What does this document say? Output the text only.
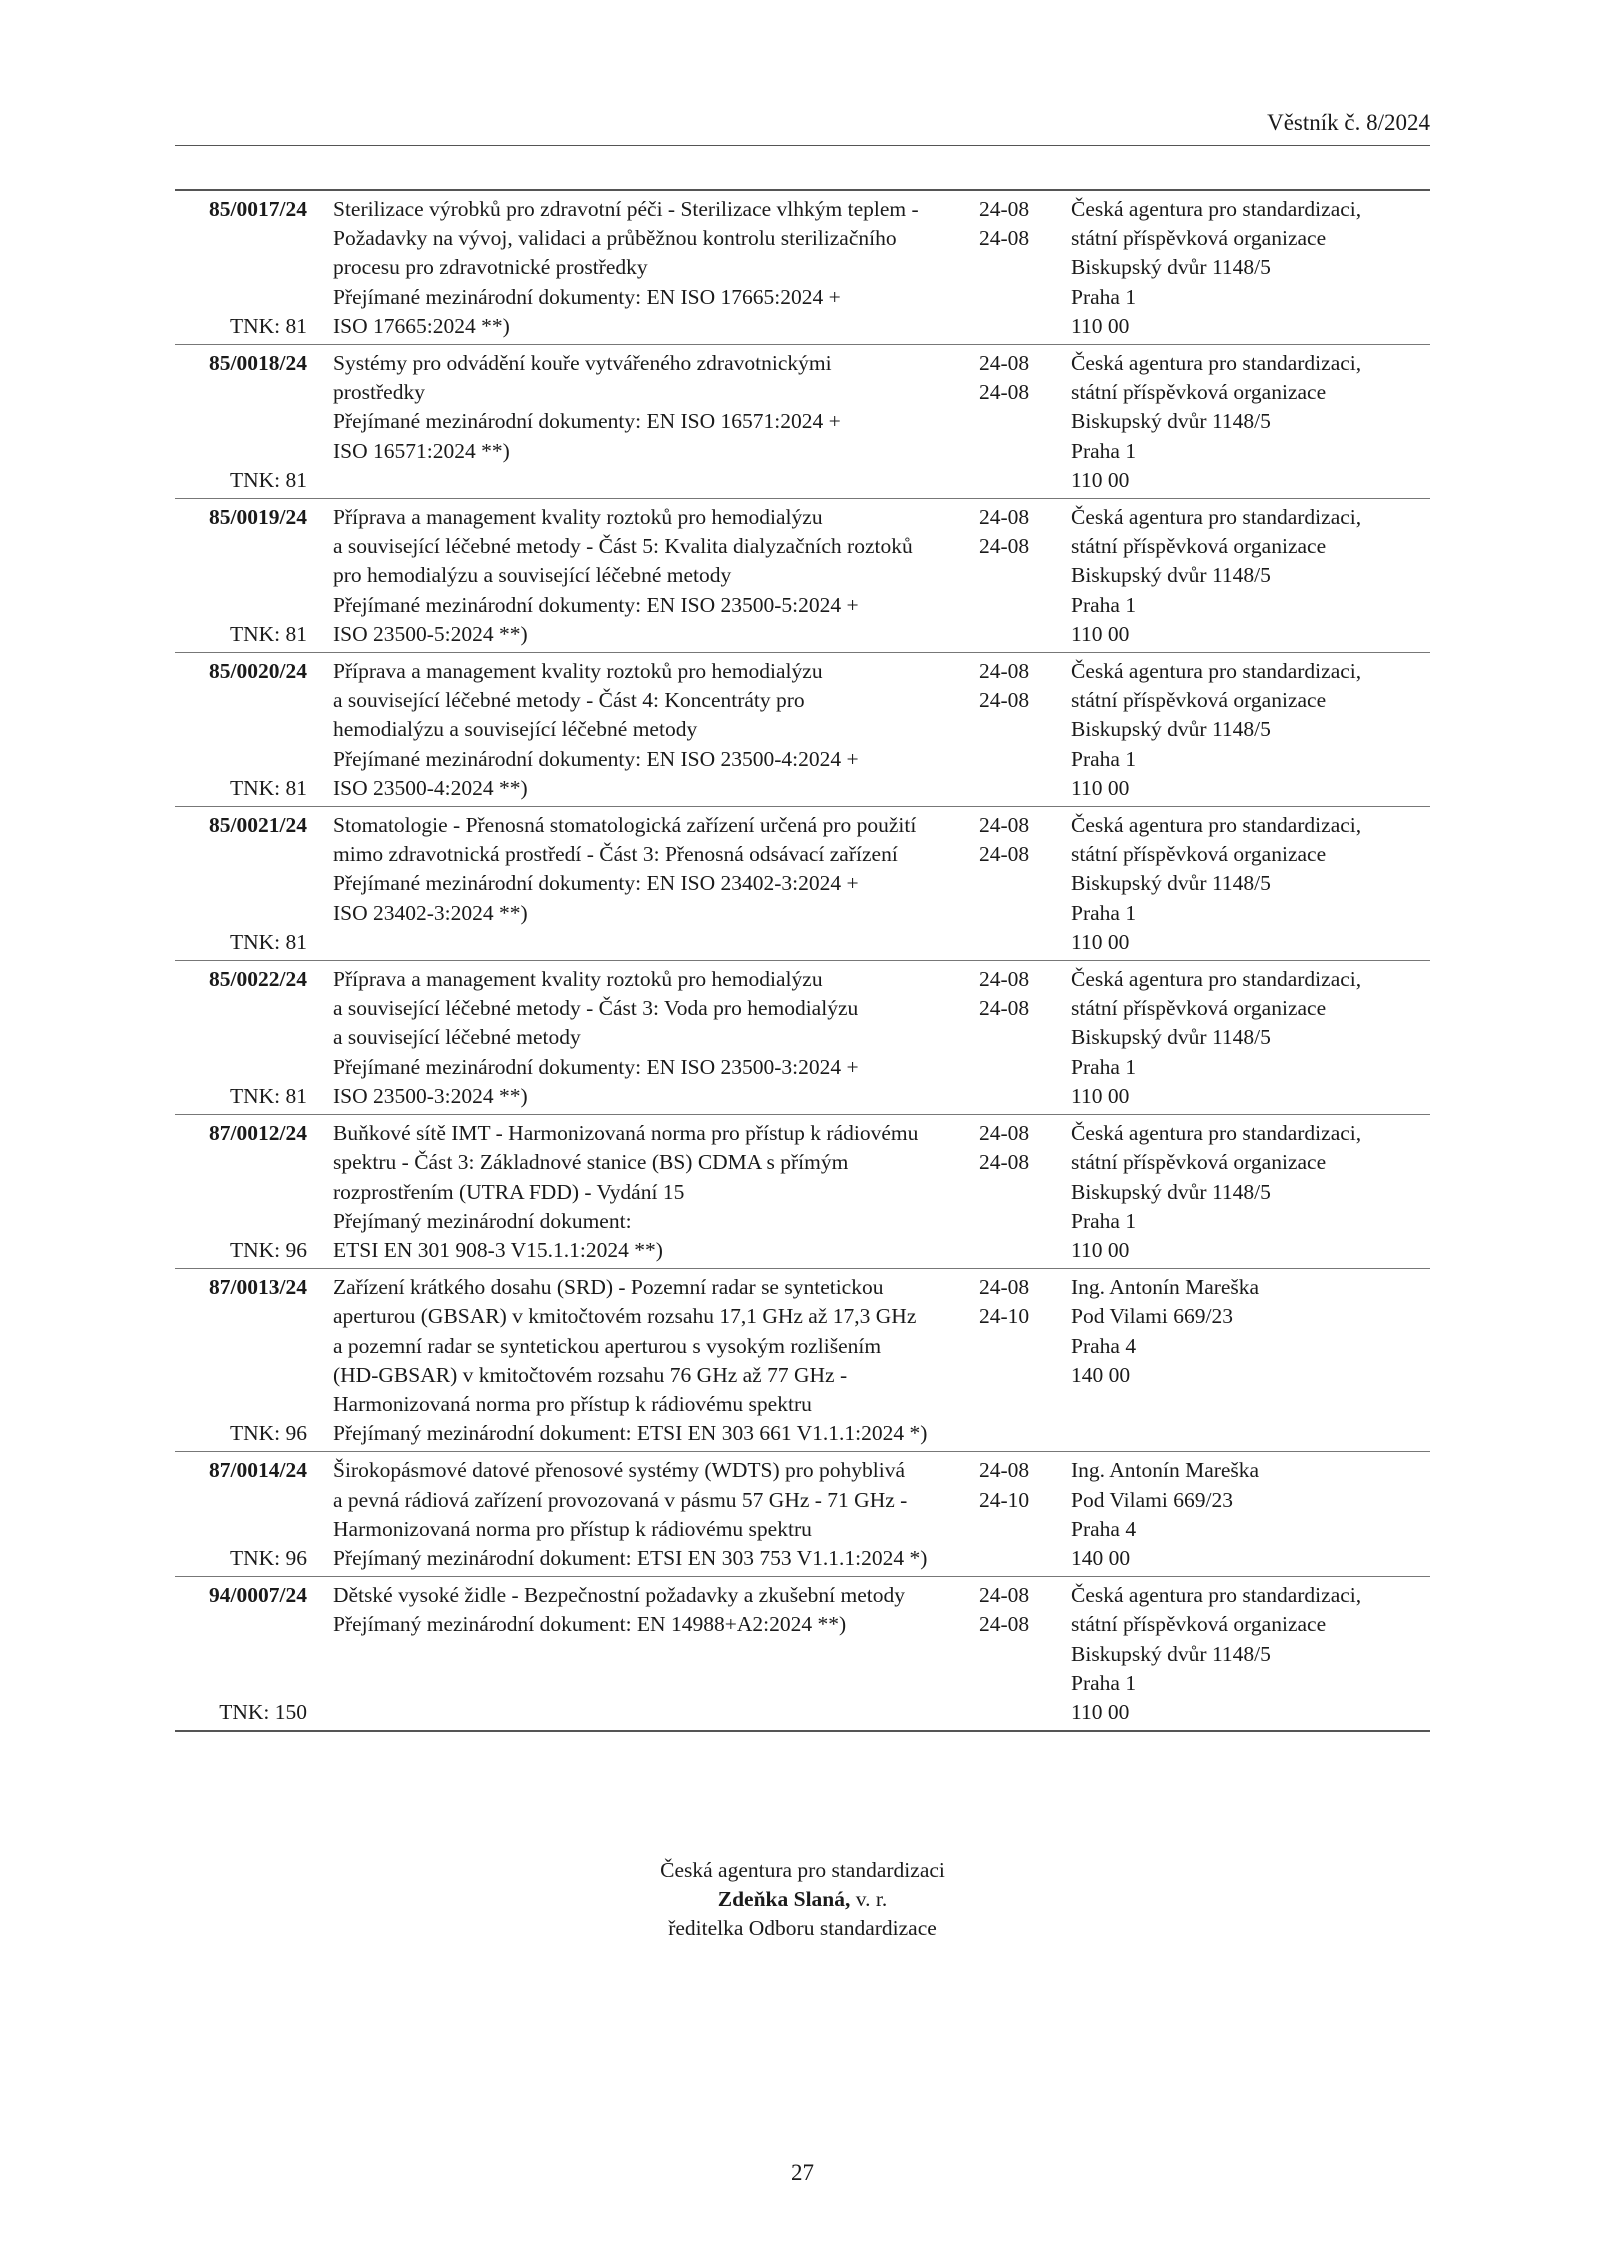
Věstník č. 8/2024
85/0017/24
TNK: 81
Sterilizace výrobků pro zdravotní péči - Sterilizace vlhkým teplem -
Požadavky na vývoj, validaci a průběžnou kontrolu sterilizačního
procesu pro zdravotnické prostředky
Přejímané mezinárodní dokumenty: EN ISO 17665:2024 +
ISO 17665:2024 **)
24-08
24-08
Česká agentura pro standardizaci,
státní příspěvková organizace
Biskupský dvůr 1148/5
Praha 1
110 00
85/0018/24
TNK: 81
Systémy pro odvádění kouře vytvářeného zdravotnickými
prostředky
Přejímané mezinárodní dokumenty: EN ISO 16571:2024 +
ISO 16571:2024 **)
24-08
24-08
Česká agentura pro standardizaci,
státní příspěvková organizace
Biskupský dvůr 1148/5
Praha 1
110 00
85/0019/24
TNK: 81
Příprava a management kvality roztoků pro hemodialýzu
a související léčebné metody - Část 5: Kvalita dialyzačních roztoků
pro hemodialýzu a související léčebné metody
Přejímané mezinárodní dokumenty: EN ISO 23500-5:2024 +
ISO 23500-5:2024 **)
24-08
24-08
Česká agentura pro standardizaci,
státní příspěvková organizace
Biskupský dvůr 1148/5
Praha 1
110 00
85/0020/24
TNK: 81
Příprava a management kvality roztoků pro hemodialýzu
a související léčebné metody - Část 4: Koncentráty pro
hemodialýzu a související léčebné metody
Přejímané mezinárodní dokumenty: EN ISO 23500-4:2024 +
ISO 23500-4:2024 **)
24-08
24-08
Česká agentura pro standardizaci,
státní příspěvková organizace
Biskupský dvůr 1148/5
Praha 1
110 00
85/0021/24
TNK: 81
Stomatologie - Přenosná stomatologická zařízení určená pro použití
mimo zdravotnická prostředí - Část 3: Přenosná odsávací zařízení
Přejímané mezinárodní dokumenty: EN ISO 23402-3:2024 +
ISO 23402-3:2024 **)
24-08
24-08
Česká agentura pro standardizaci,
státní příspěvková organizace
Biskupský dvůr 1148/5
Praha 1
110 00
85/0022/24
TNK: 81
Příprava a management kvality roztoků pro hemodialýzu
a související léčebné metody - Část 3: Voda pro hemodialýzu
a související léčebné metody
Přejímané mezinárodní dokumenty: EN ISO 23500-3:2024 +
ISO 23500-3:2024 **)
24-08
24-08
Česká agentura pro standardizaci,
státní příspěvková organizace
Biskupský dvůr 1148/5
Praha 1
110 00
87/0012/24
TNK: 96
Buňkové sítě IMT - Harmonizovaná norma pro přístup k rádiovému
spektru - Část 3: Základnové stanice (BS) CDMA s přímým
rozprostřením (UTRA FDD) - Vydání 15
Přejímaný mezinárodní dokument:
ETSI EN 301 908-3 V15.1.1:2024 **)
24-08
24-08
Česká agentura pro standardizaci,
státní příspěvková organizace
Biskupský dvůr 1148/5
Praha 1
110 00
87/0013/24
TNK: 96
Zařízení krátkého dosahu (SRD) - Pozemní radar se syntetickou
aperturou (GBSAR) v kmitočtovém rozsahu 17,1 GHz až 17,3 GHz
a pozemní radar se syntetickou aperturou s vysokým rozlišením
(HD-GBSAR) v kmitočtovém rozsahu 76 GHz až 77 GHz -
Harmonizovaná norma pro přístup k rádiovému spektru
Přejímaný mezinárodní dokument: ETSI EN 303 661 V1.1.1:2024 *)
24-08
24-10
Ing. Antonín Mareška
Pod Vilami 669/23
Praha 4
140 00
87/0014/24
TNK: 96
Širokopásmové datové přenosové systémy (WDTS) pro pohyblivá
a pevná rádiová zařízení provozovaná v pásmu 57 GHz - 71 GHz -
Harmonizovaná norma pro přístup k rádiovému spektru
Přejímaný mezinárodní dokument: ETSI EN 303 753 V1.1.1:2024 *)
24-08
24-10
Ing. Antonín Mareška
Pod Vilami 669/23
Praha 4
140 00
94/0007/24
TNK: 150
Dětské vysoké židle - Bezpečnostní požadavky a zkušební metody
Přejímaný mezinárodní dokument: EN 14988+A2:2024 **)
24-08
24-08
Česká agentura pro standardizaci,
státní příspěvková organizace
Biskupský dvůr 1148/5
Praha 1
110 00
Česká agentura pro standardizaci
Zdeňka Slaná, v. r.
ředitelka Odboru standardizace
27
